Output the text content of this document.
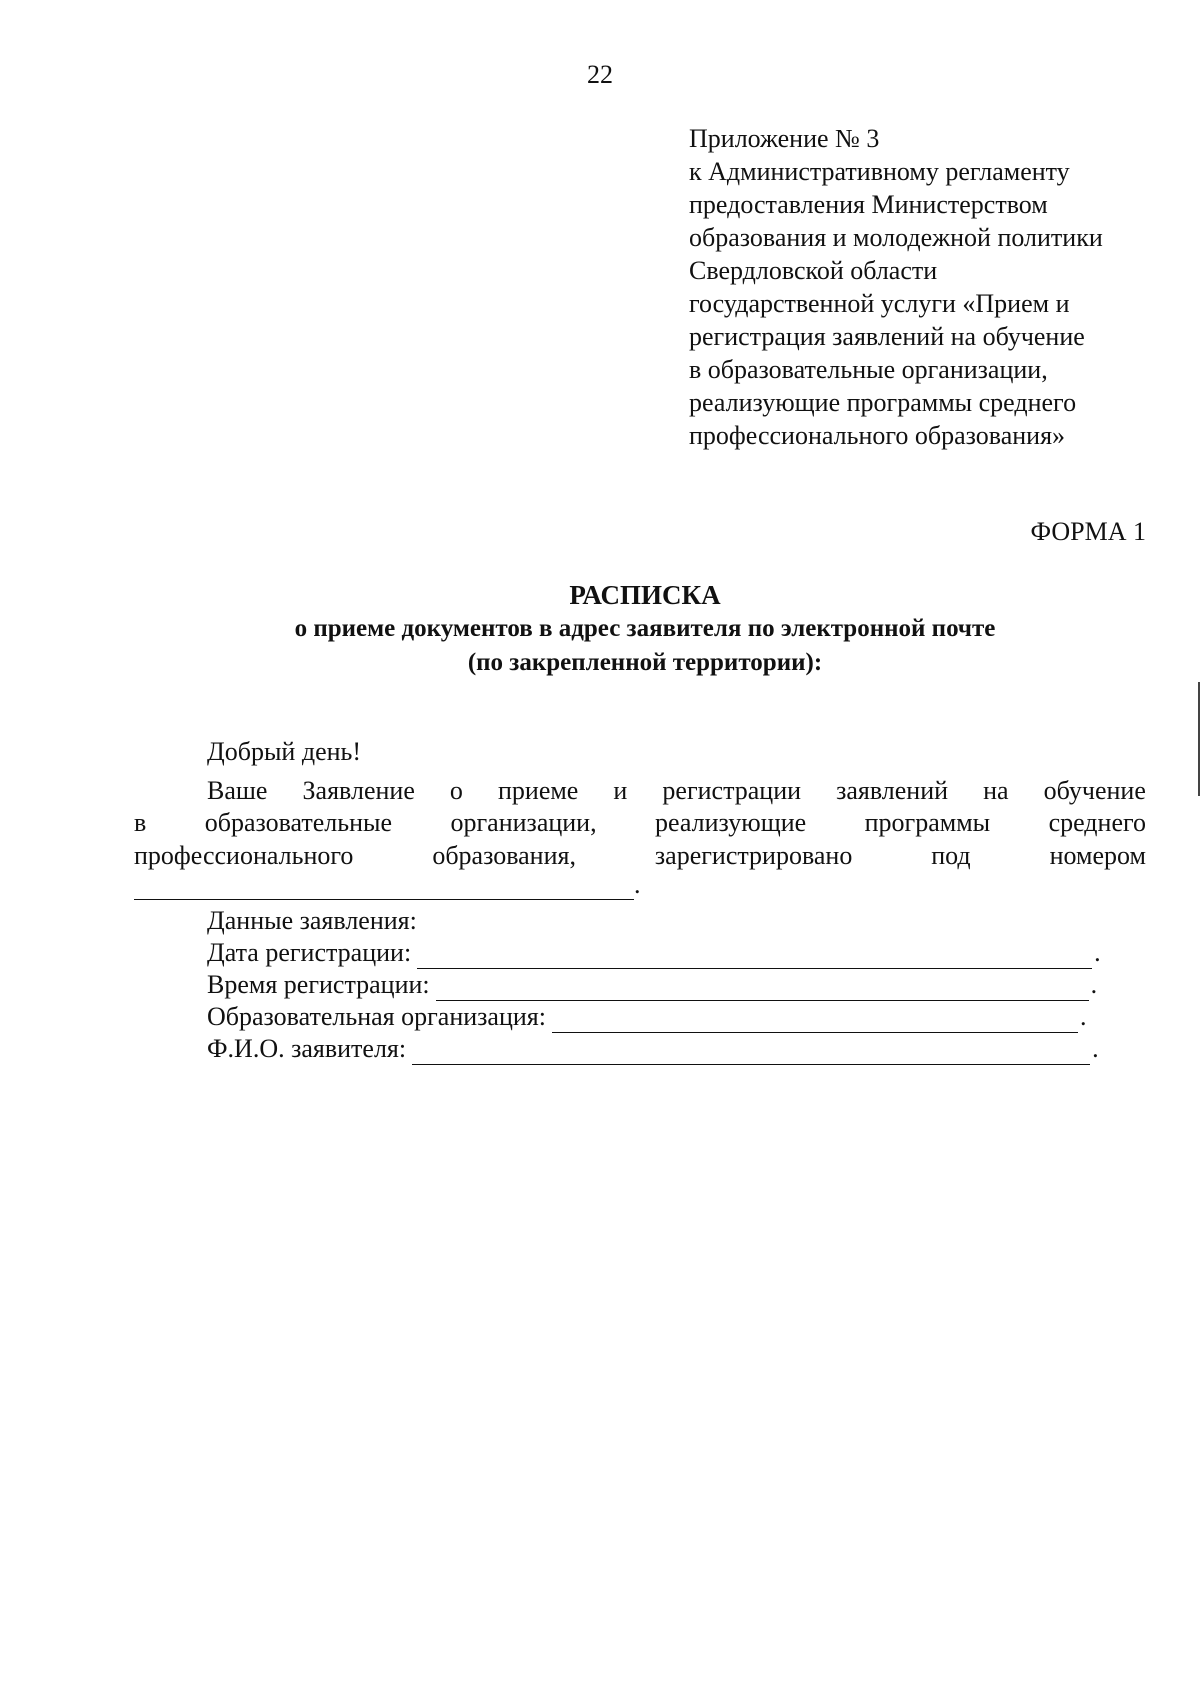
22
Приложение № 3
к Административному регламенту
предоставления Министерством
образования и молодежной политики
Свердловской области
государственной услуги «Прием и
регистрация заявлений на обучение
в образовательные организации,
реализующие программы среднего
профессионального образования»
ФОРМА 1
РАСПИСКА
о приеме документов в адрес заявителя по электронной почте
(по закрепленной территории):
Добрый день!
Ваше Заявление о приеме и регистрации заявлений на обучение
в образовательные организации, реализующие программы среднего
профессионального	образования,	зарегистрировано	под	номером
.
Данные заявления:
Дата регистрации:	.
Время регистрации:	.
Образовательная организация:	.
Ф.И.О. заявителя:	.
